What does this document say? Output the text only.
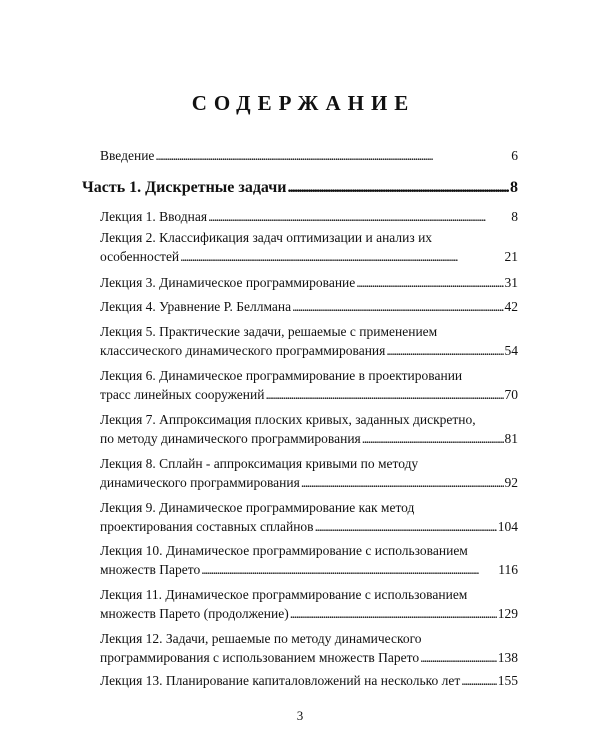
СОДЕРЖАНИЕ
Введение . . .	6
Часть 1. Дискретные задачи . . .	8
Лекция 1. Вводная . . .	8
Лекция 2. Классификация задач оптимизации и анализ их
особенностей . . .	21
Лекция 3. Динамическое программирование . . .	31
Лекция 4. Уравнение Р. Беллмана . . .	42
Лекция 5. Практические задачи, решаемые с применением
классического динамического программирования . . .	54
Лекция 6. Динамическое программирование в проектировании
трасс линейных сооружений . . .	70
Лекция 7. Аппроксимация плоских кривых, заданных дискретно,
по методу динамического программирования . . .	81
Лекция 8. Сплайн - аппроксимация кривыми по методу
динамического программирования . . .	92
Лекция 9. Динамическое программирование как метод
проектирования составных сплайнов . . .	104
Лекция 10. Динамическое программирование с использованием
множеств Парето . . .	116
Лекция 11. Динамическое программирование с использованием
множеств Парето (продолжение) . . .	129
Лекция 12. Задачи, решаемые по методу динамического
программирования с использованием множеств Парето . . .	138
Лекция 13. Планирование капиталовложений на несколько лет . . .	155
3
